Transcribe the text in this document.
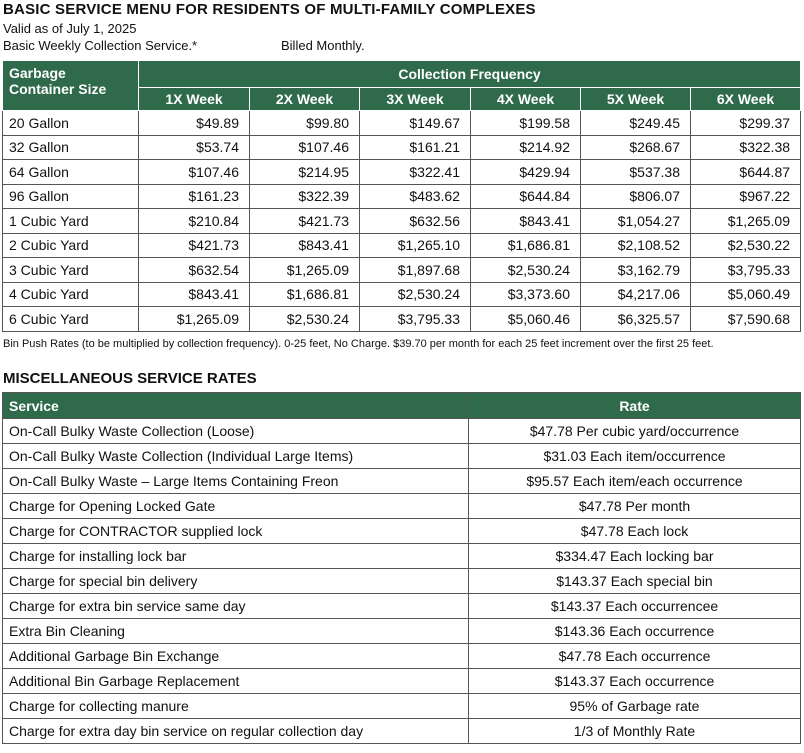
BASIC SERVICE MENU FOR RESIDENTS OF MULTI-FAMILY COMPLEXES
Valid as of July 1, 2025
Basic Weekly Collection Service.*	Billed Monthly.
Garbage
Container Size	Collection Frequency					
	1X Week	2X Week	3X Week	4X Week	5X Week	6X Week
20 Gallon	$49.89	$99.80	$149.67	$199.58	$249.45	$299.37
32 Gallon	$53.74	$107.46	$161.21	$214.92	$268.67	$322.38
64 Gallon	$107.46	$214.95	$322.41	$429.94	$537.38	$644.87
96 Gallon	$161.23	$322.39	$483.62	$644.84	$806.07	$967.22
1 Cubic Yard	$210.84	$421.73	$632.56	$843.41	$1,054.27	$1,265.09
2 Cubic Yard	$421.73	$843.41	$1,265.10	$1,686.81	$2,108.52	$2,530.22
3 Cubic Yard	$632.54	$1,265.09	$1,897.68	$2,530.24	$3,162.79	$3,795.33
4 Cubic Yard	$843.41	$1,686.81	$2,530.24	$3,373.60	$4,217.06	$5,060.49
6 Cubic Yard	$1,265.09	$2,530.24	$3,795.33	$5,060.46	$6,325.57	$7,590.68
Bin Push Rates (to be multiplied by collection frequency). 0-25 feet, No Charge. $39.70 per month for each 25 feet increment over the first 25 feet.
MISCELLANEOUS SERVICE RATES
Service	Rate
On-Call Bulky Waste Collection (Loose)	$47.78 Per cubic yard/occurrence
On-Call Bulky Waste Collection (Individual Large Items)	$31.03 Each item/occurrence
On-Call Bulky Waste – Large Items Containing Freon	$95.57 Each item/each occurrence
Charge for Opening Locked Gate	$47.78 Per month
Charge for CONTRACTOR supplied lock	$47.78 Each lock
Charge for installing lock bar	$334.47 Each locking bar
Charge for special bin delivery	$143.37 Each special bin
Charge for extra bin service same day	$143.37 Each occurrencee
Extra Bin Cleaning	$143.36 Each occurrence
Additional Garbage Bin Exchange	$47.78 Each occurrence
Additional Bin Garbage Replacement	$143.37 Each occurrence
Charge for collecting manure	95% of Garbage rate
Charge for extra day bin service on regular collection day	1/3 of Monthly Rate
